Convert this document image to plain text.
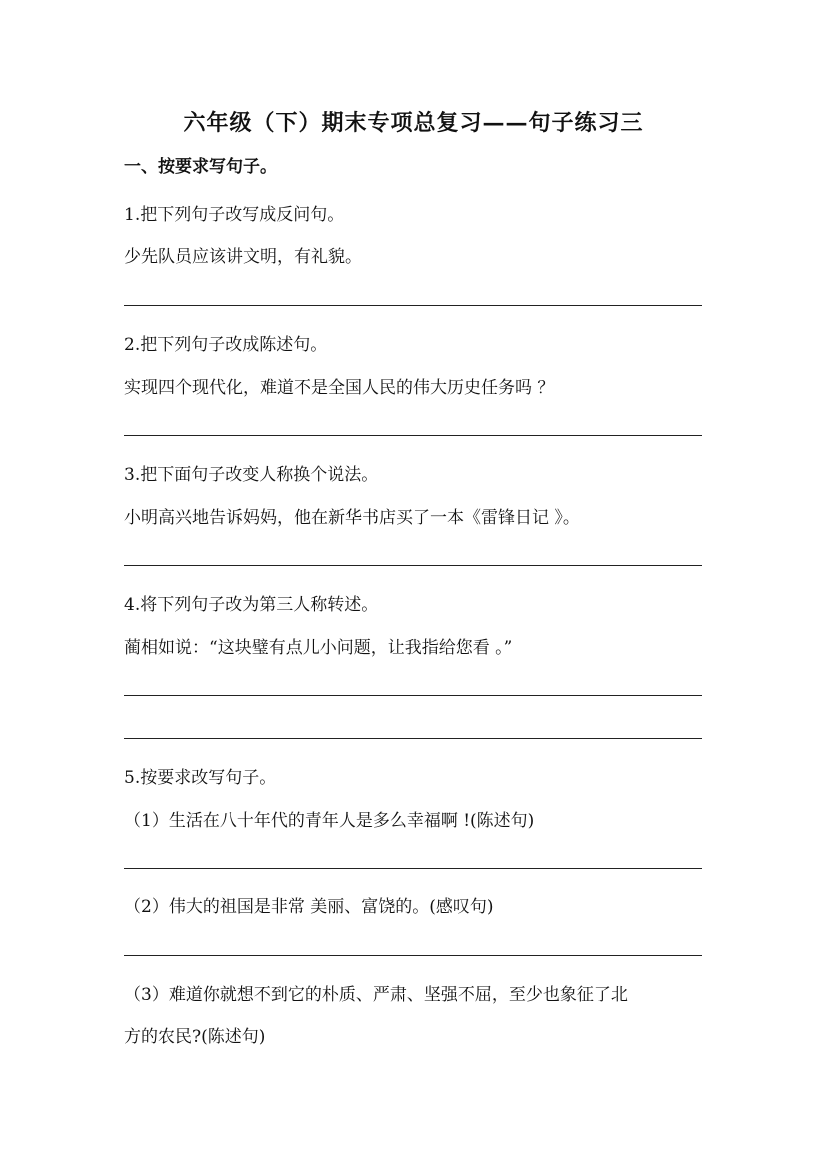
六年级（下）期末专项总复习——句子练习三
一、按要求写句子。
1.把下列句子改写成反问句。
少先队员应该讲文明，有礼貌。
2.把下列句子改成陈述句。
实现四个现代化，难道不是全国人民的伟大历史任务吗 ？
3.把下面句子改变人称换个说法。
小明高兴地告诉妈妈，他在新华书店买了一本《雷锋日记 》。
4.将下列句子改为第三人称转述。
蔺相如说：“这块璧有点儿小问题，让我指给您看 。”
5.按要求改写句子。
（1）生活在八十年代的青年人是多么幸福啊 !(陈述句)
（2）伟大的祖国是非常 美丽、富饶的。(感叹句)
（3）难道你就想不到它的朴质、严肃、坚强不屈，至少也象征了北
方的农民?(陈述句)
